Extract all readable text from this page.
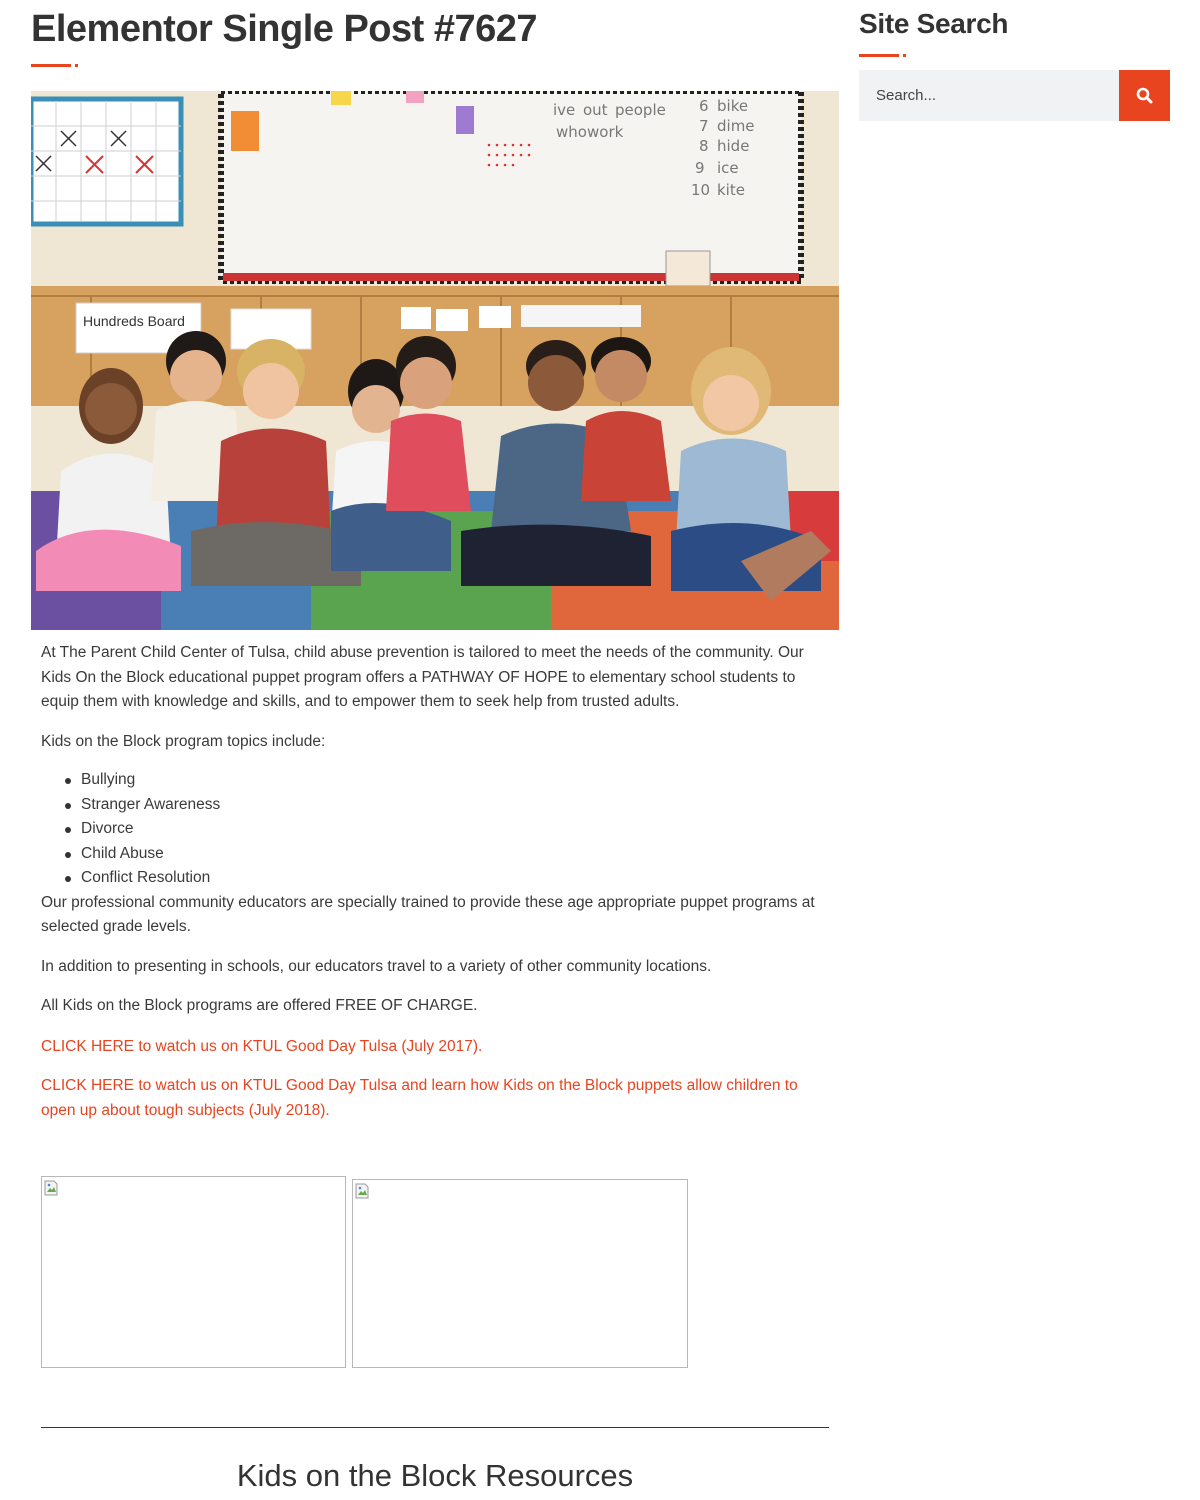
Elementor Single Post #7627
ive out people
who work
6 bike
7 dime
8 hide
9 ice
10 kite
Hundreds Board

At The Parent Child Center of Tulsa, child abuse prevention is tailored to meet the needs of the community. Our Kids On the Block educational puppet program offers a PATHWAY OF HOPE to elementary school students to equip them with knowledge and skills, and to empower them to seek help from trusted adults.

Kids on the Block program topics include:

Bullying
Stranger Awareness
Divorce
Child Abuse
Conflict Resolution

Our professional community educators are specially trained to provide these age appropriate puppet programs at selected grade levels.

In addition to presenting in schools, our educators travel to a variety of other community locations.

All Kids on the Block programs are offered FREE OF CHARGE.

CLICK HERE to watch us on KTUL Good Day Tulsa (July 2017).

CLICK HERE to watch us on KTUL Good Day Tulsa and learn how Kids on the Block puppets allow children to open up about tough subjects (July 2018).

Kids on the Block Resources
Site Search
Search...
